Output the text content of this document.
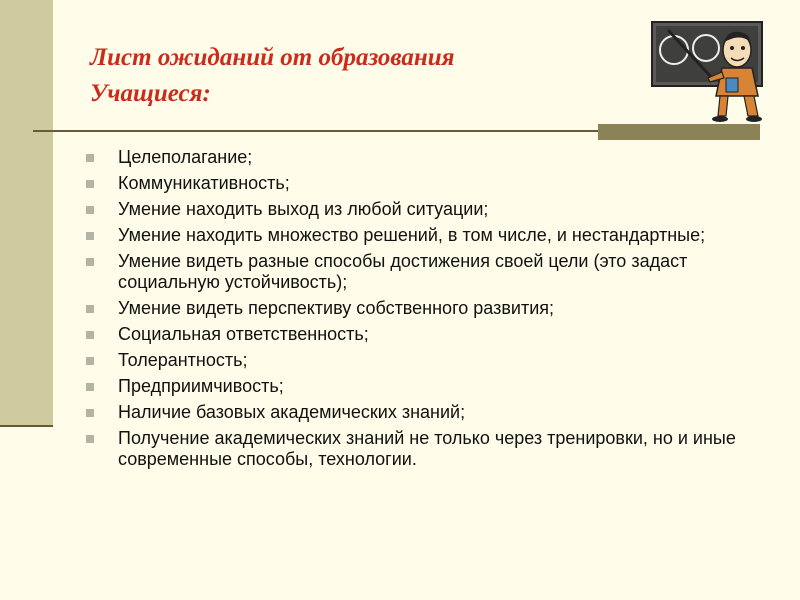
Лист ожиданий от образования
Учащиеся:
Целеполагание;
Коммуникативность;
Умение находить выход из любой ситуации;
Умение находить множество решений, в том числе, и нестандартные;
Умение видеть разные способы достижения своей цели (это задаст социальную устойчивость);
Умение видеть перспективу собственного развития;
Социальная ответственность;
Толерантность;
Предприимчивость;
Наличие базовых академических знаний;
Получение академических знаний не только через тренировки, но и иные современные способы, технологии.
